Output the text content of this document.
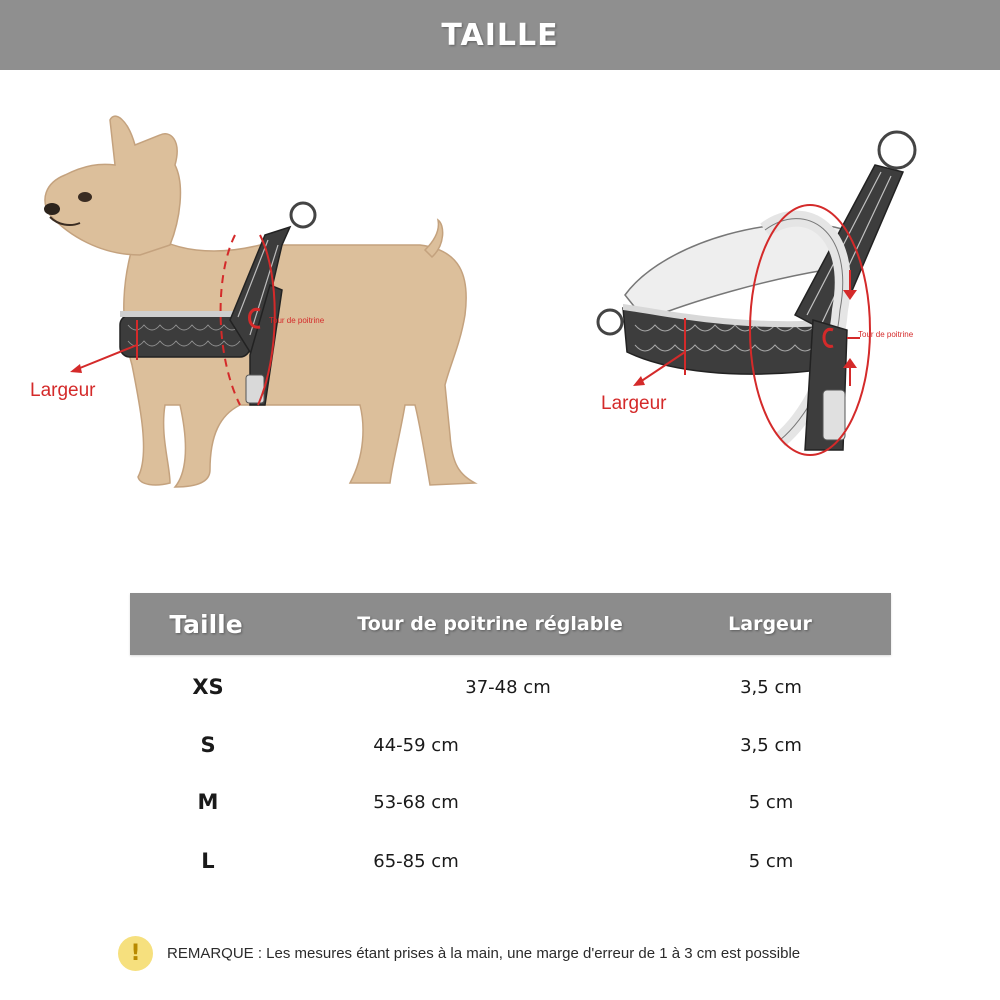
TAILLE
Largeur
Tour de poitrine
Largeur
Tour de poitrine
Taille	Tour de poitrine réglable	Largeur
XS	37-48 cm	3,5 cm
S	44-59 cm	3,5 cm
M	53-68 cm	5 cm
L	65-85 cm	5 cm
!	REMARQUE : Les mesures étant prises à la main, une marge d'erreur de 1 à 3 cm est possible
